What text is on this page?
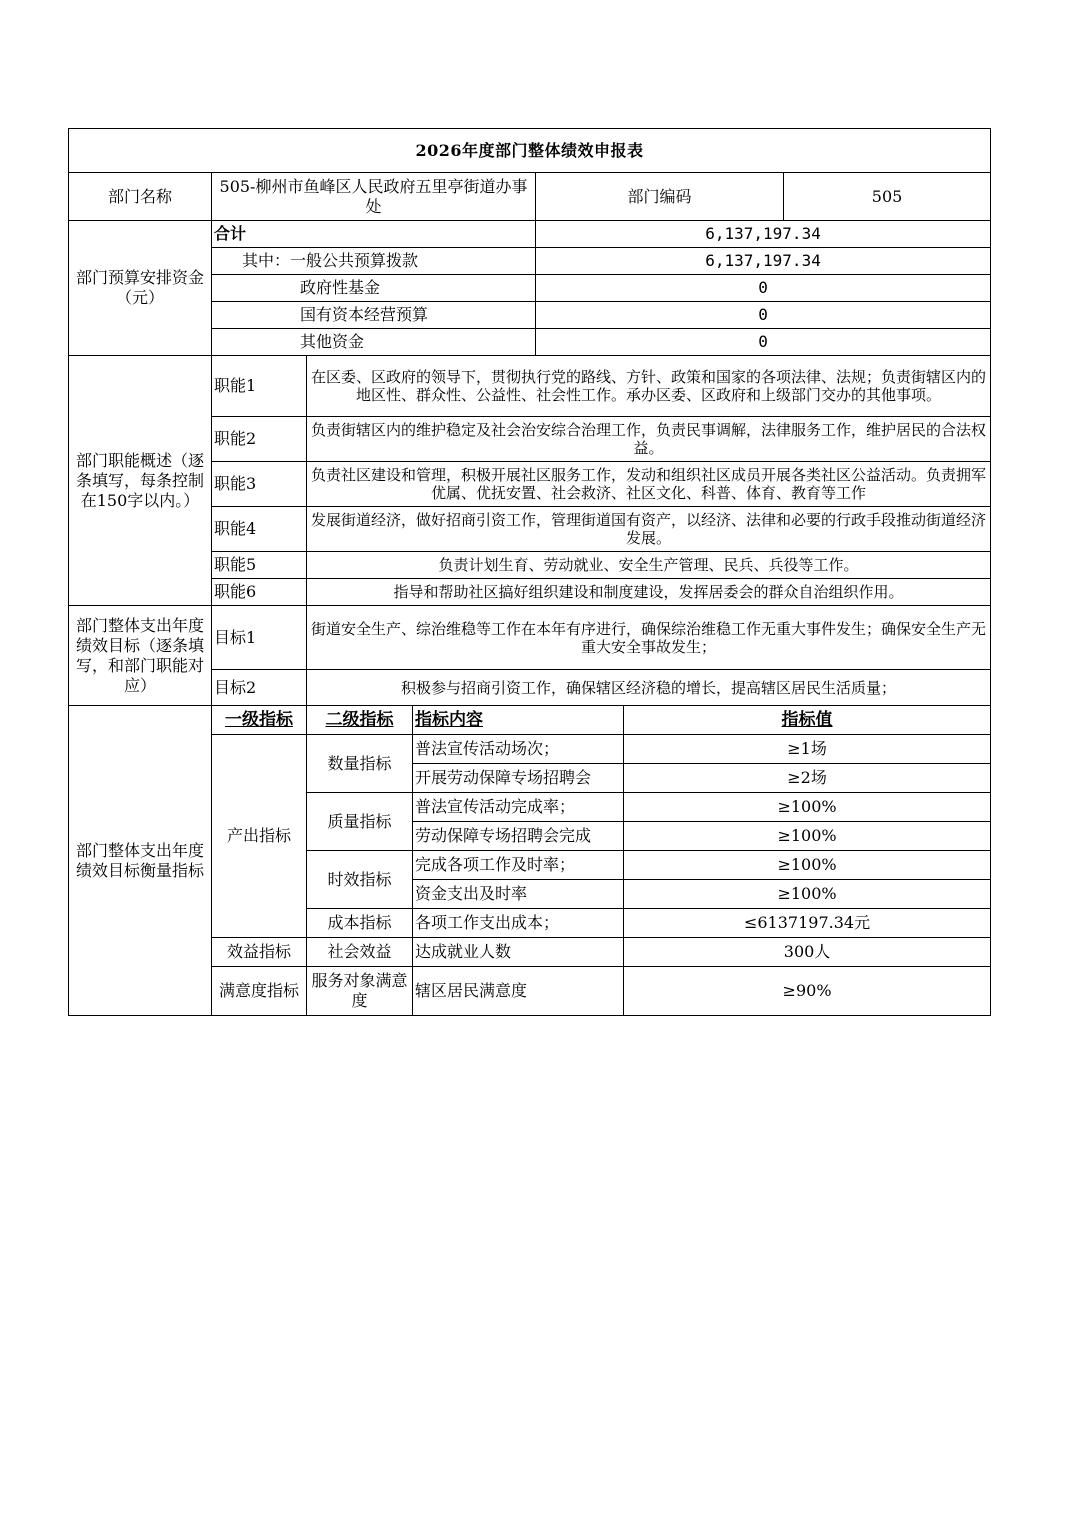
2026年度部门整体绩效申报表						
部门名称	505-柳州市鱼峰区人民政府五里亭街道办事处			部门编码		505
部门预算安排资金（元）	合计			6,137,197.34		
	其中：一般公共预算拨款			6,137,197.34		
	政府性基金			0		
	国有资本经营预算			0		
	其他资金			0		
部门职能概述（逐条填写，每条控制在150字以内。）	职能1	在区委、区政府的领导下，贯彻执行党的路线、方针、政策和国家的各项法律、法规；负责街辖区内的地区性、群众性、公益性、社会性工作。承办区委、区政府和上级部门交办的其他事项。				
	职能2	负责街辖区内的维护稳定及社会治安综合治理工作，负责民事调解，法律服务工作，维护居民的合法权益。				
	职能3	负责社区建设和管理，积极开展社区服务工作，发动和组织社区成员开展各类社区公益活动。负责拥军优属、优抚安置、社会救济、社区文化、科普、体育、教育等工作				
	职能4	发展街道经济，做好招商引资工作，管理街道国有资产，以经济、法律和必要的行政手段推动街道经济发展。				
	职能5	负责计划生育、劳动就业、安全生产管理、民兵、兵役等工作。				
	职能6	指导和帮助社区搞好组织建设和制度建设，发挥居委会的群众自治组织作用。				
部门整体支出年度绩效目标（逐条填写，和部门职能对应）	目标1	街道安全生产、综治维稳等工作在本年有序进行，确保综治维稳工作无重大事件发生；确保安全生产无重大安全事故发生；				
	目标2	积极参与招商引资工作，确保辖区经济稳的增长，提高辖区居民生活质量；				
部门整体支出年度绩效目标衡量指标	一级指标	二级指标	指标内容		指标值	
	产出指标	数量指标	普法宣传活动场次；		≥1场	
			开展劳动保障专场招聘会		≥2场	
		质量指标	普法宣传活动完成率；		≥100%	
			劳动保障专场招聘会完成		≥100%	
		时效指标	完成各项工作及时率；		≥100%	
			资金支出及时率		≥100%	
		成本指标	各项工作支出成本；		≤6137197.34元	
	效益指标	社会效益	达成就业人数		300人	
	满意度指标	服务对象满意度	辖区居民满意度		≥90%	
